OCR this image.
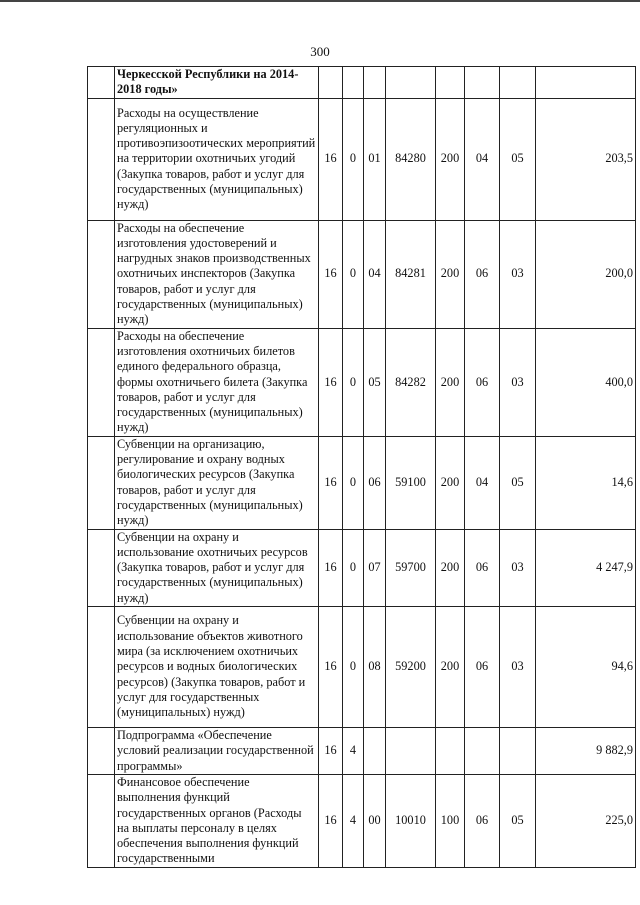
300
	Черкесской Республики на 2014-2018 годы»								
	Расходы на осуществление регуляционных и противоэпизоотических мероприятий на территории охотничьих угодий (Закупка товаров, работ и услуг для государственных (муниципальных) нужд)	16	0	01	84280	200	04	05	203,5
	Расходы на обеспечение изготовления удостоверений и нагрудных знаков производственных охотничьих инспекторов (Закупка товаров, работ и услуг для государственных (муниципальных) нужд)	16	0	04	84281	200	06	03	200,0
	Расходы на обеспечение изготовления охотничьих билетов единого федерального образца, формы охотничьего билета (Закупка товаров, работ и услуг для государственных (муниципальных) нужд)	16	0	05	84282	200	06	03	400,0
	Субвенции на организацию, регулирование и охрану водных биологических ресурсов (Закупка товаров, работ и услуг для государственных (муниципальных) нужд)	16	0	06	59100	200	04	05	14,6
	Субвенции на охрану и использование охотничьих ресурсов (Закупка товаров, работ и услуг для государственных (муниципальных) нужд)	16	0	07	59700	200	06	03	4 247,9
	Субвенции на охрану и использование объектов животного мира (за исключением охотничьих ресурсов и водных биологических ресурсов) (Закупка товаров, работ и услуг для государственных (муниципальных) нужд)	16	0	08	59200	200	06	03	94,6
	Подпрограмма «Обеспечение условий реализации государственной программы»	16	4						9 882,9
	Финансовое обеспечение выполнения функций государственных органов (Расходы на выплаты персоналу в целях обеспечения выполнения функций государственными	16	4	00	10010	100	06	05	225,0
